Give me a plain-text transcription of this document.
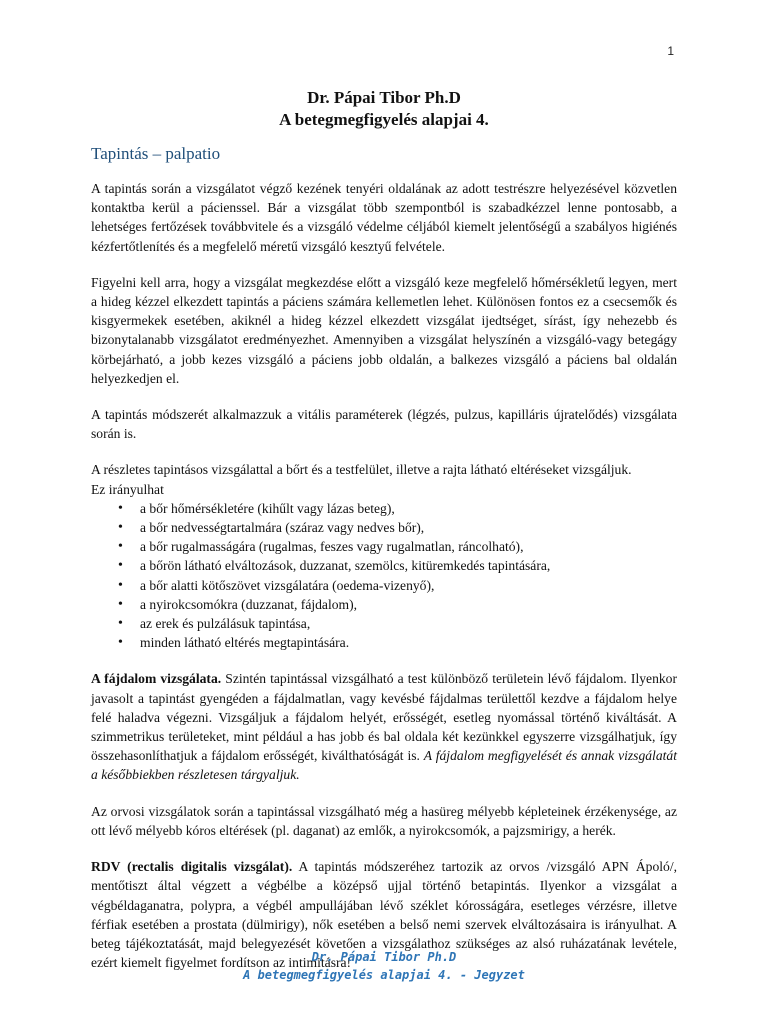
1
Dr. Pápai Tibor Ph.D
A betegmegfigyelés alapjai 4.
Tapintás – palpatio

A tapintás során a vizsgálatot végző kezének tenyéri oldalának az adott testrészre helyezésével közvetlen kontaktba kerül a pácienssel. Bár a vizsgálat több szempontból is szabadkézzel lenne pontosabb, a lehetséges fertőzések továbbvitele és a vizsgáló védelme céljából kiemelt jelentőségű a szabályos higiénés kézfertőtlenítés és a megfelelő méretű vizsgáló kesztyű felvétele.

Figyelni kell arra, hogy a vizsgálat megkezdése előtt a vizsgáló keze megfelelő hőmérsékletű legyen, mert a hideg kézzel elkezdett tapintás a páciens számára kellemetlen lehet. Különösen fontos ez a csecsemők és kisgyermekek esetében, akiknél a hideg kézzel elkezdett vizsgálat ijedtséget, sírást, így nehezebb és bizonytalanabb vizsgálatot eredményezhet. Amennyiben a vizsgálat helyszínén a vizsgáló-vagy betegágy körbejárható, a jobb kezes vizsgáló a páciens jobb oldalán, a balkezes vizsgáló a páciens bal oldalán helyezkedjen el.

A tapintás módszerét alkalmazzuk a vitális paraméterek (légzés, pulzus, kapilláris újratelődés) vizsgálata során is.

A részletes tapintásos vizsgálattal a bőrt és a testfelület, illetve a rajta látható eltéréseket vizsgáljuk.

Ez irányulhat

• a bőr hőmérsékletére (kihűlt vagy lázas beteg),
• a bőr nedvességtartalmára (száraz vagy nedves bőr),
• a bőr rugalmasságára (rugalmas, feszes vagy rugalmatlan, ráncolható),
• a bőrön látható elváltozások, duzzanat, szemölcs, kitüremkedés tapintására,
• a bőr alatti kötőszövet vizsgálatára (oedema-vizenyő),
• a nyirokcsomókra (duzzanat, fájdalom),
• az erek és pulzálásuk tapintása,
• minden látható eltérés megtapintására.

A fájdalom vizsgálata. Szintén tapintással vizsgálható a test különböző területein lévő fájdalom. Ilyenkor javasolt a tapintást gyengéden a fájdalmatlan, vagy kevésbé fájdalmas területtől kezdve a fájdalom helye felé haladva végezni. Vizsgáljuk a fájdalom helyét, erősségét, esetleg nyomással történő kiváltását. A szimmetrikus területeket, mint például a has jobb és bal oldala két kezünkkel egyszerre vizsgálhatjuk, így összehasonlíthatjuk a fájdalom erősségét, kiválthatóságát is. A fájdalom megfigyelését és annak vizsgálatát a későbbiekben részletesen tárgyaljuk.

Az orvosi vizsgálatok során a tapintással vizsgálható még a hasüreg mélyebb képleteinek érzékenysége, az ott lévő mélyebb kóros eltérések (pl. daganat) az emlők, a nyirokcsomók, a pajzsmirigy, a herék.

RDV (rectalis digitalis vizsgálat). A tapintás módszeréhez tartozik az orvos /vizsgáló APN Ápoló/, mentőtiszt által végzett a végbélbe a középső ujjal történő betapintás. Ilyenkor a vizsgálat a végbéldaganatra, polypra, a végbél ampullájában lévő széklet kórosságára, esetleges vérzésre, illetve férfiak esetében a prostata (dülmirigy), nők esetében a belső nemi szervek elváltozásaira is irányulhat. A beteg tájékoztatását, majd belegyezését követően a vizsgálathoz szükséges az alsó ruházatának levétele, ezért kiemelt figyelmet fordítson az intimitásra!

Dr. Pápai Tibor Ph.D
A betegmegfigyelés alapjai 4. - Jegyzet
